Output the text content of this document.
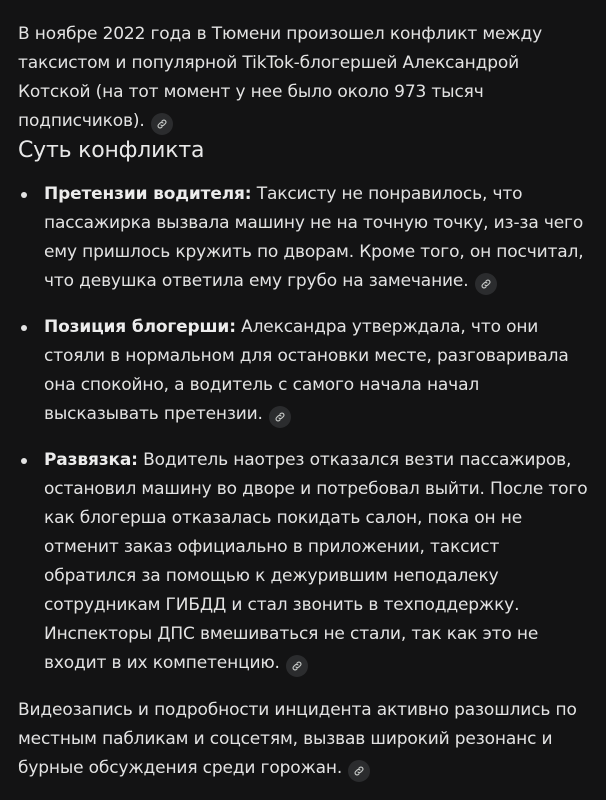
В ноябре 2022 года в Тюмени произошел конфликт между таксистом и популярной TikTok-блогершей Александрой Котской (на тот момент у нее было около 973 тысяч подписчиков).

Суть конфликта
Претензии водителя: Таксисту не понравилось, что пассажирка вызвала машину не на точную точку, из-за чего ему пришлось кружить по дворам. Кроме того, он посчитал, что девушка ответила ему грубо на замечание.
Позиция блогерши: Александра утверждала, что они стояли в нормальном для остановки месте, разговаривала она спокойно, а водитель с самого начала начал высказывать претензии.
Развязка: Водитель наотрез отказался везти пассажиров, остановил машину во дворе и потребовал выйти. После того как блогерша отказалась покидать салон, пока он не отменит заказ официально в приложении, таксист обратился за помощью к дежурившим неподалеку сотрудникам ГИБДД и стал звонить в техподдержку. Инспекторы ДПС вмешиваться не стали, так как это не входит в их компетенцию.

Видеозапись и подробности инцидента активно разошлись по местным пабликам и соцсетям, вызвав широкий резонанс и бурные обсуждения среди горожан.
